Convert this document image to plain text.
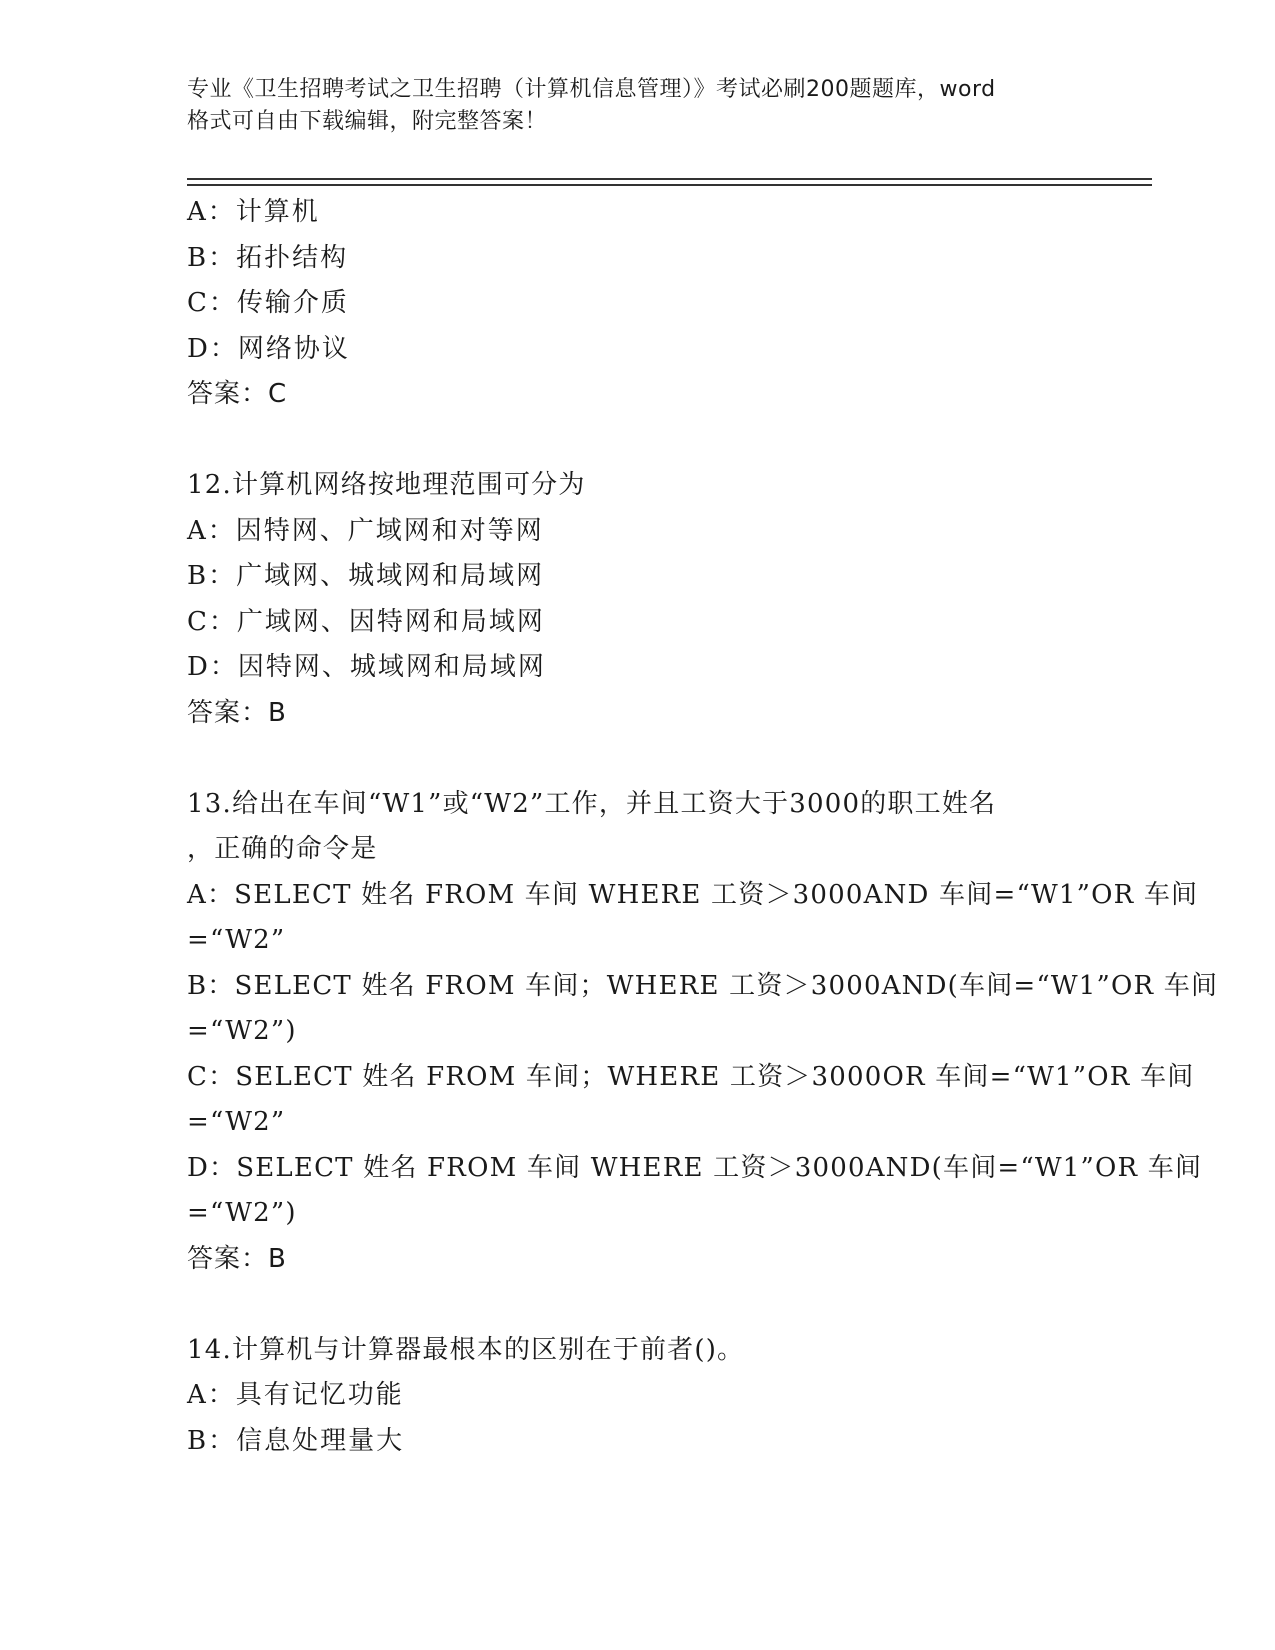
专业《卫生招聘考试之卫生招聘（计算机信息管理）》考试必刷200题题库，word
格式可自由下载编辑，附完整答案！
A：计算机
B：拓扑结构
C：传输介质
D：网络协议
答案：C
12.计算机网络按地理范围可分为
A：因特网、广域网和对等网
B：广域网、城域网和局域网
C：广域网、因特网和局域网
D：因特网、城域网和局域网
答案：B
13.给出在车间“W1”或“W2”工作，并且工资大于3000的职工姓名
，正确的命令是
A：SELECT 姓名 FROM 车间 WHERE 工资＞3000AND 车间=“W1”OR 车间
=“W2”
B：SELECT 姓名 FROM 车间；WHERE 工资＞3000AND(车间=“W1”OR 车间
=“W2”)
C：SELECT 姓名 FROM 车间；WHERE 工资＞3000OR 车间=“W1”OR 车间
=“W2”
D：SELECT 姓名 FROM 车间 WHERE 工资＞3000AND(车间=“W1”OR 车间
=“W2”)
答案：B
14.计算机与计算器最根本的区别在于前者()。
A：具有记忆功能
B：信息处理量大
